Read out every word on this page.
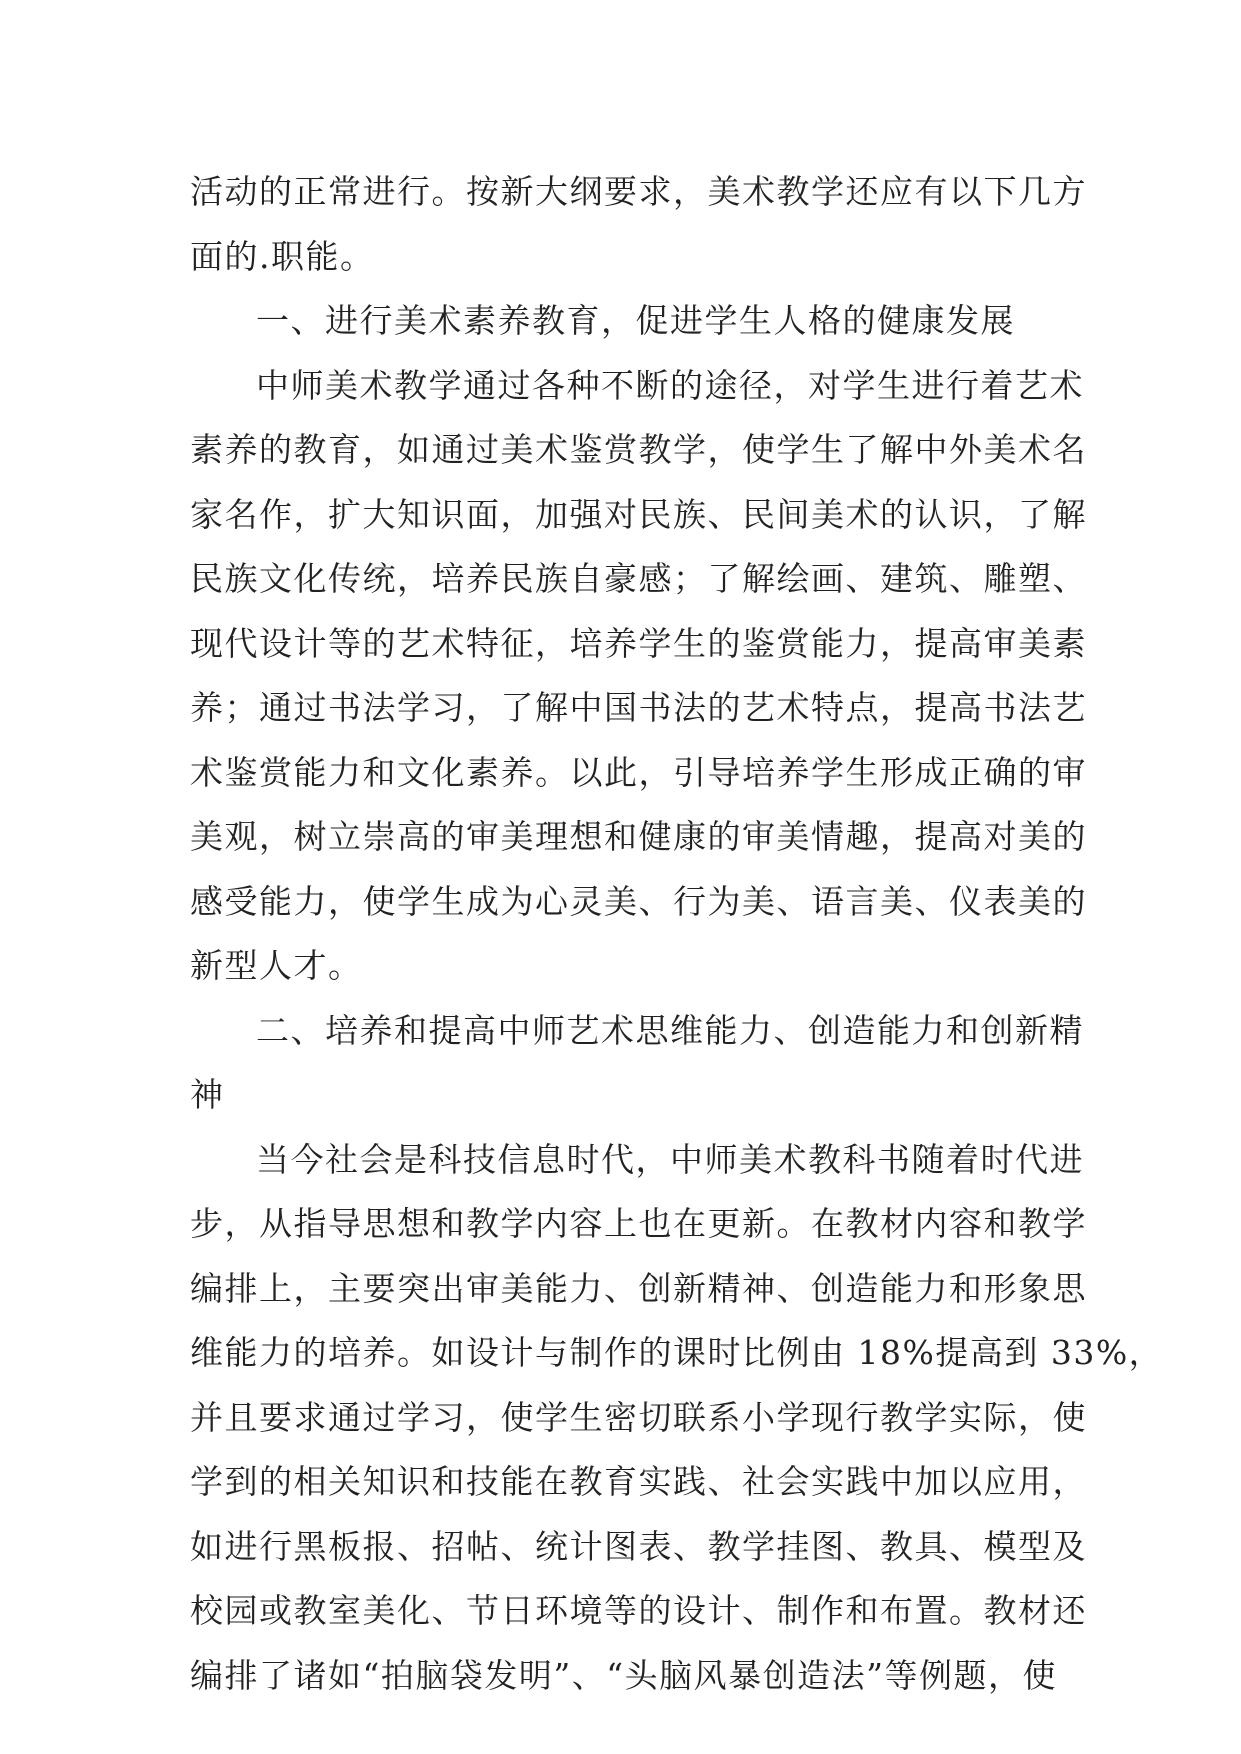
活动的正常进行。按新大纲要求，美术教学还应有以下几方
面的.职能。
一、进行美术素养教育，促进学生人格的健康发展
中师美术教学通过各种不断的途径，对学生进行着艺术
素养的教育，如通过美术鉴赏教学，使学生了解中外美术名
家名作，扩大知识面，加强对民族、民间美术的认识，了解
民族文化传统，培养民族自豪感；了解绘画、建筑、雕塑、
现代设计等的艺术特征，培养学生的鉴赏能力，提高审美素
养；通过书法学习，了解中国书法的艺术特点，提高书法艺
术鉴赏能力和文化素养。以此，引导培养学生形成正确的审
美观，树立崇高的审美理想和健康的审美情趣，提高对美的
感受能力，使学生成为心灵美、行为美、语言美、仪表美的
新型人才。
二、培养和提高中师艺术思维能力、创造能力和创新精
神
当今社会是科技信息时代，中师美术教科书随着时代进
步，从指导思想和教学内容上也在更新。在教材内容和教学
编排上，主要突出审美能力、创新精神、创造能力和形象思
维能力的培养。如设计与制作的课时比例由 18%提高到 33%，
并且要求通过学习，使学生密切联系小学现行教学实际，使
学到的相关知识和技能在教育实践、社会实践中加以应用，
如进行黑板报、招帖、统计图表、教学挂图、教具、模型及
校园或教室美化、节日环境等的设计、制作和布置。教材还
编排了诸如“拍脑袋发明”、“头脑风暴创造法”等例题，使
